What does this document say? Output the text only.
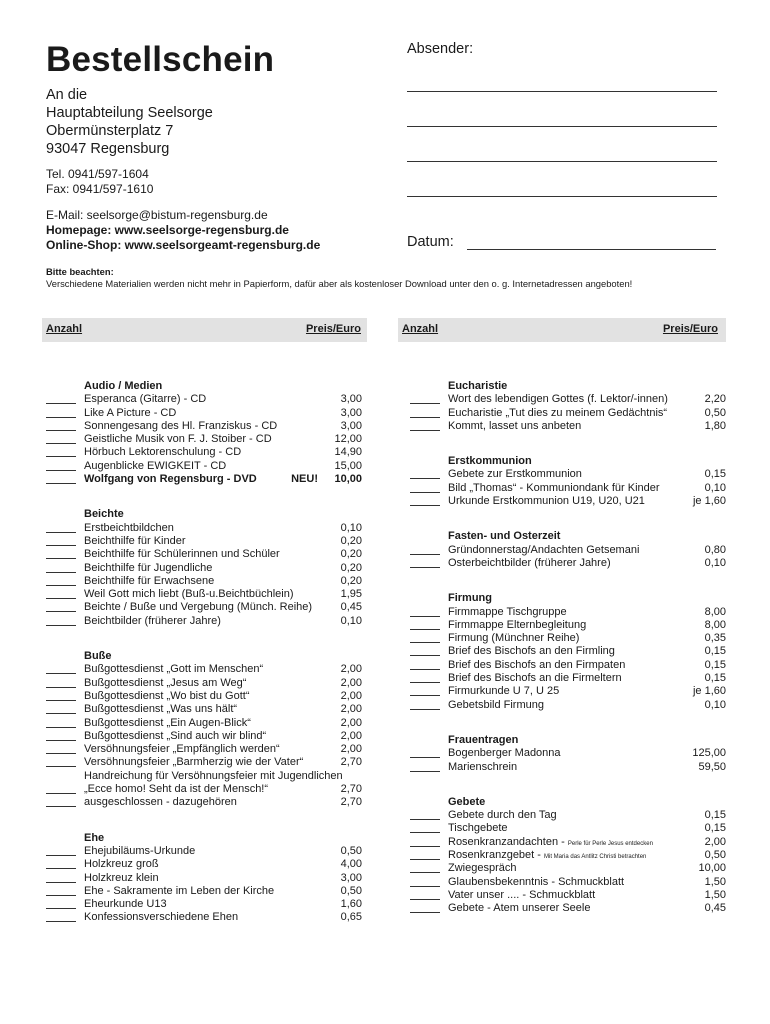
Bestellschein
An die
Hauptabteilung Seelsorge
Obermünsterplatz 7
93047 Regensburg
Tel. 0941/597-1604
Fax: 0941/597-1610
E-Mail: seelsorge@bistum-regensburg.de
Homepage: www.seelsorge-regensburg.de
Online-Shop: www.seelsorgeamt-regensburg.de
Absender:
Datum:
Bitte beachten:
Verschiedene Materialien werden nicht mehr in Papierform, dafür aber als kostenloser Download unter den o. g. Internetadressen angeboten!
Anzahl	Preis/Euro	Anzahl	Preis/Euro
Audio / Medien
Esperanca (Gitarre) - CD	3,00
Like A Picture - CD	3,00
Sonnengesang des Hl. Franziskus - CD	3,00
Geistliche Musik von F. J. Stoiber - CD	12,00
Hörbuch Lektorenschulung - CD	14,90
Augenblicke EWIGKEIT - CD	15,00
Wolfgang von Regensburg - DVD	NEU! 10,00
Beichte
Erstbeichtbildchen	0,10
Beichthilfe für Kinder	0,20
Beichthilfe für Schülerinnen und Schüler	0,20
Beichthilfe für Jugendliche	0,20
Beichthilfe für Erwachsene	0,20
Weil Gott mich liebt (Buß-u.Beichtbüchlein)	1,95
Beichte / Buße und Vergebung (Münch. Reihe)	0,45
Beichtbilder (früherer Jahre)	0,10
Buße
Bußgottesdienst „Gott im Menschen“	2,00
Bußgottesdienst „Jesus am Weg“	2,00
Bußgottesdienst „Wo bist du Gott“	2,00
Bußgottesdienst „Was uns hält“	2,00
Bußgottesdienst „Ein Augen-Blick“	2,00
Bußgottesdienst „Sind auch wir blind“	2,00
Versöhnungsfeier „Empfänglich werden“	2,00
Versöhnungsfeier „Barmherzig wie der Vater“	2,70
Handreichung für Versöhnungsfeier mit Jugendlichen
„Ecce homo! Seht da ist der Mensch!“	2,70
ausgeschlossen - dazugehören	2,70
Ehe
Ehejubiläums-Urkunde	0,50
Holzkreuz groß	4,00
Holzkreuz klein	3,00
Ehe - Sakramente im Leben der Kirche	0,50
Eheurkunde U13	1,60
Konfessionsverschiedene Ehen	0,65
Eucharistie
Wort des lebendigen Gottes (f. Lektor/-innen)	2,20
Eucharistie „Tut dies zu meinem Gedächtnis“	0,50
Kommt, lasset uns anbeten	1,80
Erstkommunion
Gebete zur Erstkommunion	0,15
Bild „Thomas“ - Kommuniondank für Kinder	0,10
Urkunde Erstkommunion U19, U20, U21	je 1,60
Fasten- und Osterzeit
Gründonnerstag/Andachten Getsemani	0,80
Osterbeichtbilder (früherer Jahre)	0,10
Firmung
Firmmappe Tischgruppe	8,00
Firmmappe Elternbegleitung	8,00
Firmung (Münchner Reihe)	0,35
Brief des Bischofs an den Firmling	0,15
Brief des Bischofs an den Firmpaten	0,15
Brief des Bischofs an die Firmeltern	0,15
Firmurkunde U 7, U 25	je 1,60
Gebetsbild Firmung	0,10
Frauentragen
Bogenberger Madonna	125,00
Marienschrein	59,50
Gebete
Gebete durch den Tag	0,15
Tischgebete	0,15
Rosenkranzandachten - Perle für Perle Jesus entdecken	2,00
Rosenkranzgebet - Mit Maria das Antlitz Christi betrachten	0,50
Zwiegespräch	10,00
Glaubensbekenntnis - Schmuckblatt	1,50
Vater unser .... - Schmuckblatt	1,50
Gebete - Atem unserer Seele	0,45
